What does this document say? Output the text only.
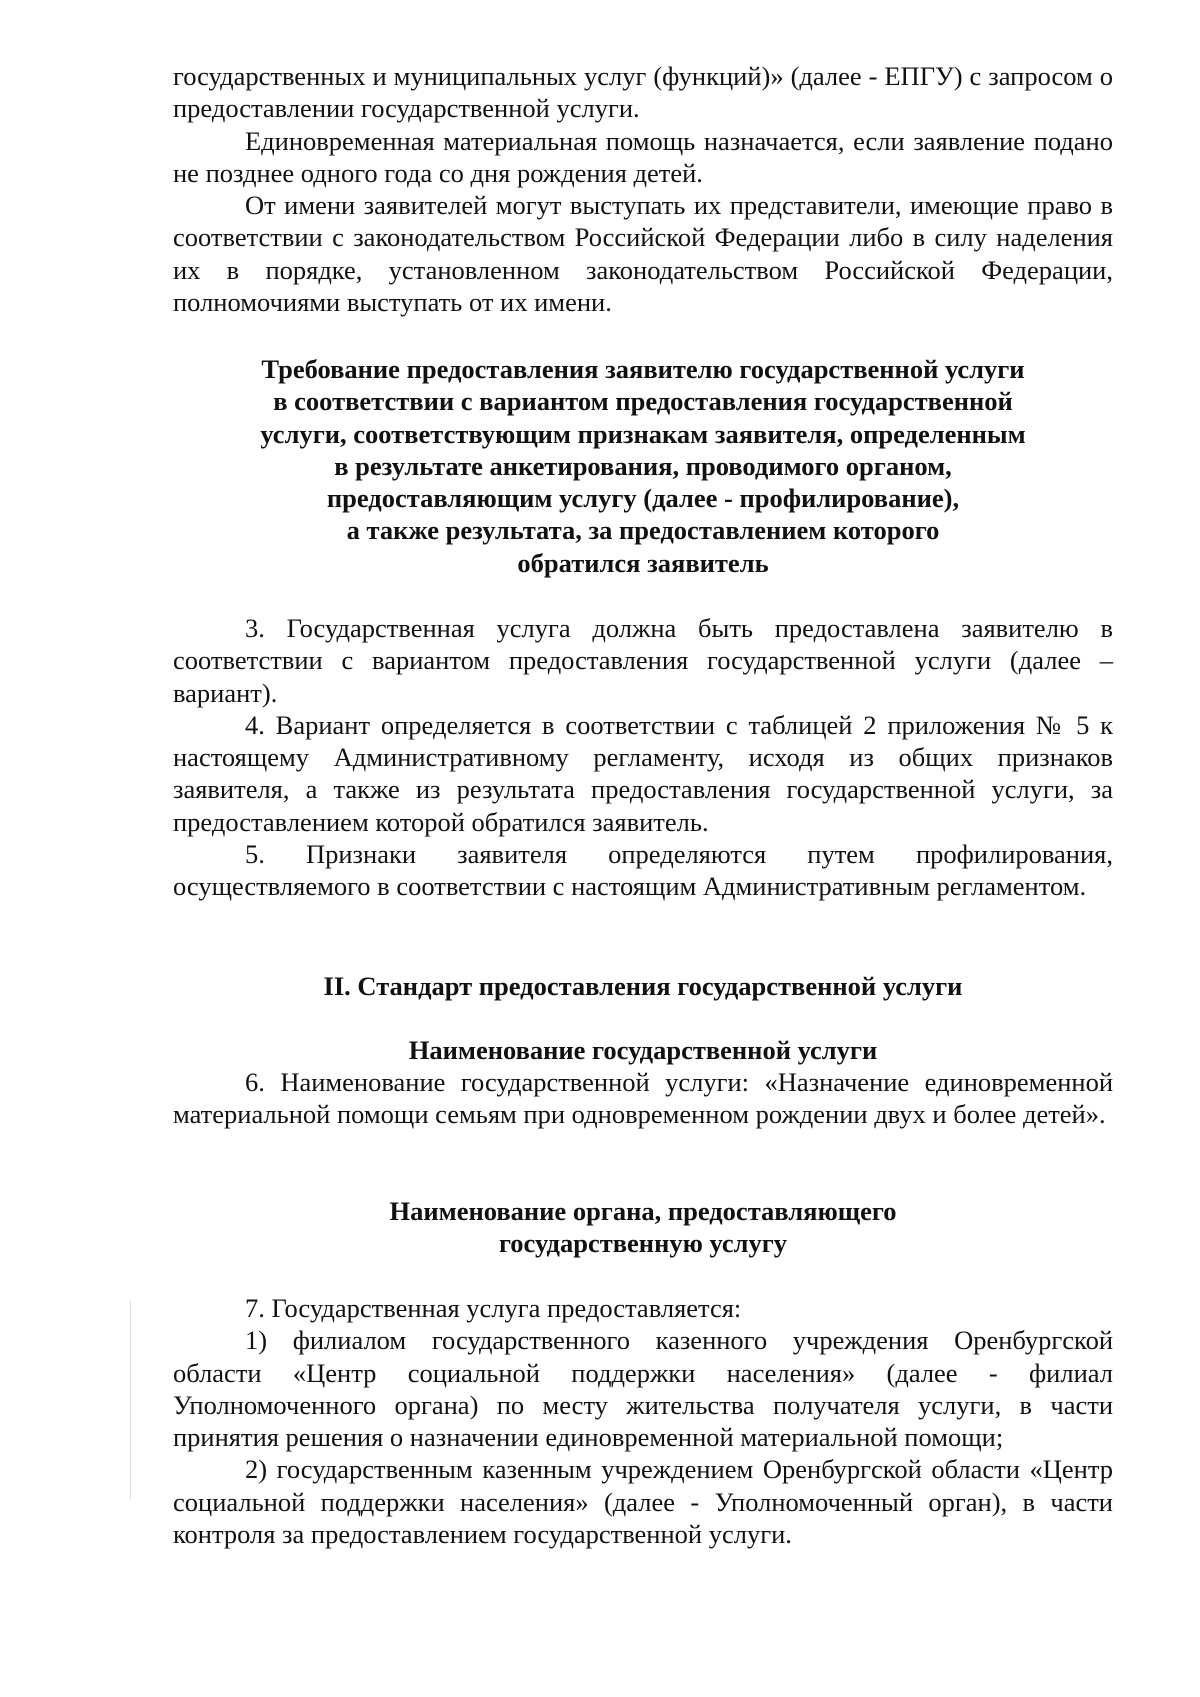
государственных и муниципальных услуг (функций)» (далее - ЕПГУ) с запросом о предоставлении государственной услуги.

Единовременная материальная помощь назначается, если заявление подано не позднее одного года со дня рождения детей.

От имени заявителей могут выступать их представители, имеющие право в соответствии с законодательством Российской Федерации либо в силу наделения их в порядке, установленном законодательством Российской Федерации, полномочиями выступать от их имени.

Требование предоставления заявителю государственной услуги
в соответствии с вариантом предоставления государственной
услуги, соответствующим признакам заявителя, определенным
в результате анкетирования, проводимого органом,
предоставляющим услугу (далее - профилирование),
а также результата, за предоставлением которого
обратился заявитель

3. Государственная услуга должна быть предоставлена заявителю в соответствии с вариантом предоставления государственной услуги (далее – вариант).

4. Вариант определяется в соответствии с таблицей 2 приложения № 5 к настоящему Административному регламенту, исходя из общих признаков заявителя, а также из результата предоставления государственной услуги, за предоставлением которой обратился заявитель.

5. Признаки заявителя определяются путем профилирования, осуществляемого в соответствии с настоящим Административным регламентом.

II. Стандарт предоставления государственной услуги
Наименование государственной услуги

6. Наименование государственной услуги: «Назначение единовременной материальной помощи семьям при одновременном рождении двух и более детей».

Наименование органа, предоставляющего
государственную услугу

7. Государственная услуга предоставляется:

1) филиалом государственного казенного учреждения Оренбургской области «Центр социальной поддержки населения» (далее - филиал Уполномоченного органа) по месту жительства получателя услуги, в части принятия решения о назначении единовременной материальной помощи;

2) государственным казенным учреждением Оренбургской области «Центр социальной поддержки населения» (далее - Уполномоченный орган), в части контроля за предоставлением государственной услуги.
